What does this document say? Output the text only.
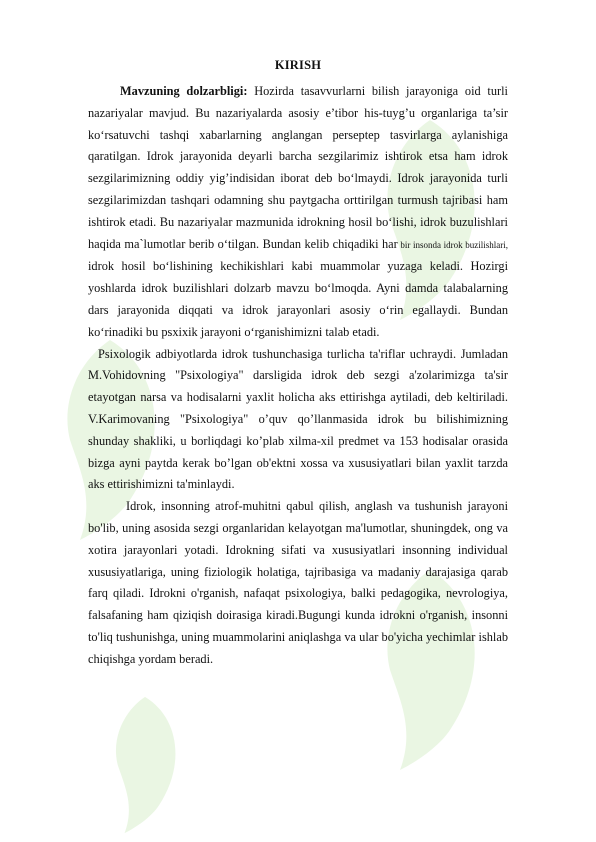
KIRISH

Mavzuning dolzarbligi: Hozirda tasavvurlarni bilish jarayoniga oid turli nazariyalar mavjud. Bu nazariyalarda asosiy e’tibor his-tuyg’u organlariga ta’sir ko‘rsatuvchi tashqi xabarlarning anglangan perseptep tasvirlarga aylanishiga qaratilgan. Idrok jarayonida deyarli barcha sezgilarimiz ishtirok etsa ham idrok sezgilarimizning oddiy yig’indisidan iborat deb bo‘lmaydi. Idrok jarayonida turli sezgilarimizdan tashqari odamning shu paytgacha orttirilgan turmush tajribasi ham ishtirok etadi. Bu nazariyalar mazmunida idrokning hosil bo‘lishi, idrok buzulishlari haqida ma`lumotlar berib o‘tilgan. Bundan kelib chiqadiki har bir insonda idrok buzilishlari, idrok hosil bo‘lishining kechikishlari kabi muammolar yuzaga keladi. Hozirgi yoshlarda idrok buzilishlari dolzarb mavzu bo‘lmoqda. Ayni damda talabalarning dars jarayonida diqqati va idrok jarayonlari asosiy o‘rin egallaydi. Bundan ko‘rinadiki bu psxixik jarayoni o‘rganishimizni talab etadi.

Psixologik adbiyotlarda idrok tushunchasiga turlicha ta'riflar uchraydi. Jumladan M.Vohidovning "Psixologiya" darsligida idrok deb sezgi a'zolarimizga ta'sir etayotgan narsa va hodisalarni yaxlit holicha aks ettirishga aytiladi, deb keltiriladi. V.Karimovaning "Psixologiya" o’quv qo’llanmasida idrok bu bilishimizning shunday shakliki, u borliqdagi ko’plab xilma-xil predmet va 153 hodisalar orasida bizga ayni paytda kerak bo’lgan ob'ektni xossa va xususiyatlari bilan yaxlit tarzda aks ettirishimizni ta'minlaydi.

Idrok, insonning atrof-muhitni qabul qilish, anglash va tushunish jarayoni bo'lib, uning asosida sezgi organlaridan kelayotgan ma'lumotlar, shuningdek, ong va xotira jarayonlari yotadi. Idrokning sifati va xususiyatlari insonning individual xususiyatlariga, uning fiziologik holatiga, tajribasiga va madaniy darajasiga qarab farq qiladi. Idrokni o'rganish, nafaqat psixologiya, balki pedagogika, nevrologiya, falsafaning ham qiziqish doirasiga kiradi.Bugungi kunda idrokni o'rganish, insonni to'liq tushunishga, uning muammolarini aniqlashga va ular bo'yicha yechimlar ishlab chiqishga yordam beradi.
